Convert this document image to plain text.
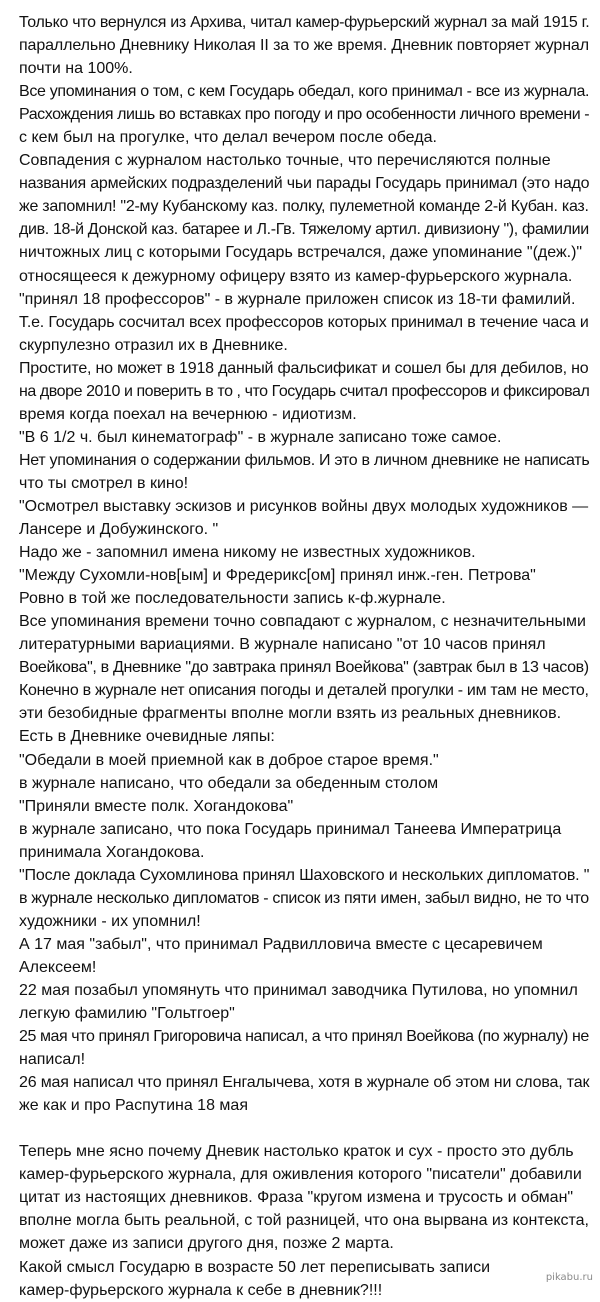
Только что вернулся из Архива, читал камер-фурьерский журнал за май 1915 г.
параллельно Дневнику Николая II за то же время. Дневник повторяет журнал
почти на 100%.
Все упоминания о том, с кем Государь обедал, кого принимал - все из журнала.
Расхождения лишь во вставках про погоду и про особенности личного времени -
с кем был на прогулке, что делал вечером после обеда.
Совпадения с журналом настолько точные, что перечисляются полные
названия армейских подразделений чьи парады Государь принимал (это надо
же запомнил! "2-му Кубанскому каз. полку, пулеметной команде 2-й Кубан. каз.
див. 18-й Донской каз. батарее и Л.-Гв. Тяжелому артил. дивизиону "), фамилии
ничтожных лиц с которыми Государь встречался, даже упоминание "(деж.)"
относящееся к дежурному офицеру взято из камер-фурьерского журнала.
"принял 18 профессоров" - в журнале приложен список из 18-ти фамилий.
Т.е. Государь сосчитал всех профессоров которых принимал в течение часа и
скурпулезно отразил их в Дневнике.
Простите, но может в 1918 данный фальсификат и сошел бы для дебилов, но
на дворе 2010 и поверить в то , что Государь считал профессоров и фиксировал
время когда поехал на вечернюю - идиотизм.
"В 6 1/2 ч. был кинематограф" - в журнале записано тоже самое.
Нет упоминания о содержании фильмов. И это в личном дневнике не написать
что ты смотрел в кино!
"Осмотрел выставку эскизов и рисунков войны двух молодых художников —
Лансере и Добужинского. "
Надо же - запомнил имена никому не известных художников.
"Между Сухомли-нов[ым] и Фредерикс[ом] принял инж.-ген. Петрова"
Ровно в той же последовательности запись к-ф.журнале.
Все упоминания времени точно совпадают с журналом, с незначительными
литературными вариациями. В журнале написано "от 10 часов принял
Воейкова", в Дневнике "до завтрака принял Воейкова" (завтрак был в 13 часов)
Конечно в журнале нет описания погоды и деталей прогулки - им там не место,
эти безобидные фрагменты вполне могли взять из реальных дневников.
Есть в Дневнике очевидные ляпы:
"Обедали в моей приемной как в доброе старое время."
в журнале написано, что обедали за обеденным столом
"Приняли вместе полк. Хогандокова"
в журнале записано, что пока Государь принимал Танеева Императрица
принимала Хогандокова.
"После доклада Сухомлинова принял Шаховского и нескольких дипломатов. "
в журнале несколько дипломатов - список из пяти имен, забыл видно, не то что
художники - их упомнил!
А 17 мая "забыл", что принимал Радвилловича вместе с цесаревичем
Алексеем!
22 мая позабыл упомянуть что принимал заводчика Путилова, но упомнил
легкую фамилию "Гольтгоер"
25 мая что принял Григоровича написал, а что принял Воейкова (по журналу) не
написал!
26 мая написал что принял Енгалычева, хотя в журнале об этом ни слова, так
же как и про Распутина 18 мая
Теперь мне ясно почему Дневик настолько краток и сух - просто это дубль
камер-фурьерского журнала, для оживления которого "писатели" добавили
цитат из настоящих дневников. Фраза "кругом измена и трусость и обман"
вполне могла быть реальной, с той разницей, что она вырвана из контекста,
может даже из записи другого дня, позже 2 марта.
Какой смысл Государю в возрасте 50 лет переписывать записи
камер-фурьерского журнала к себе в дневник?!!!
pikabu.ru
